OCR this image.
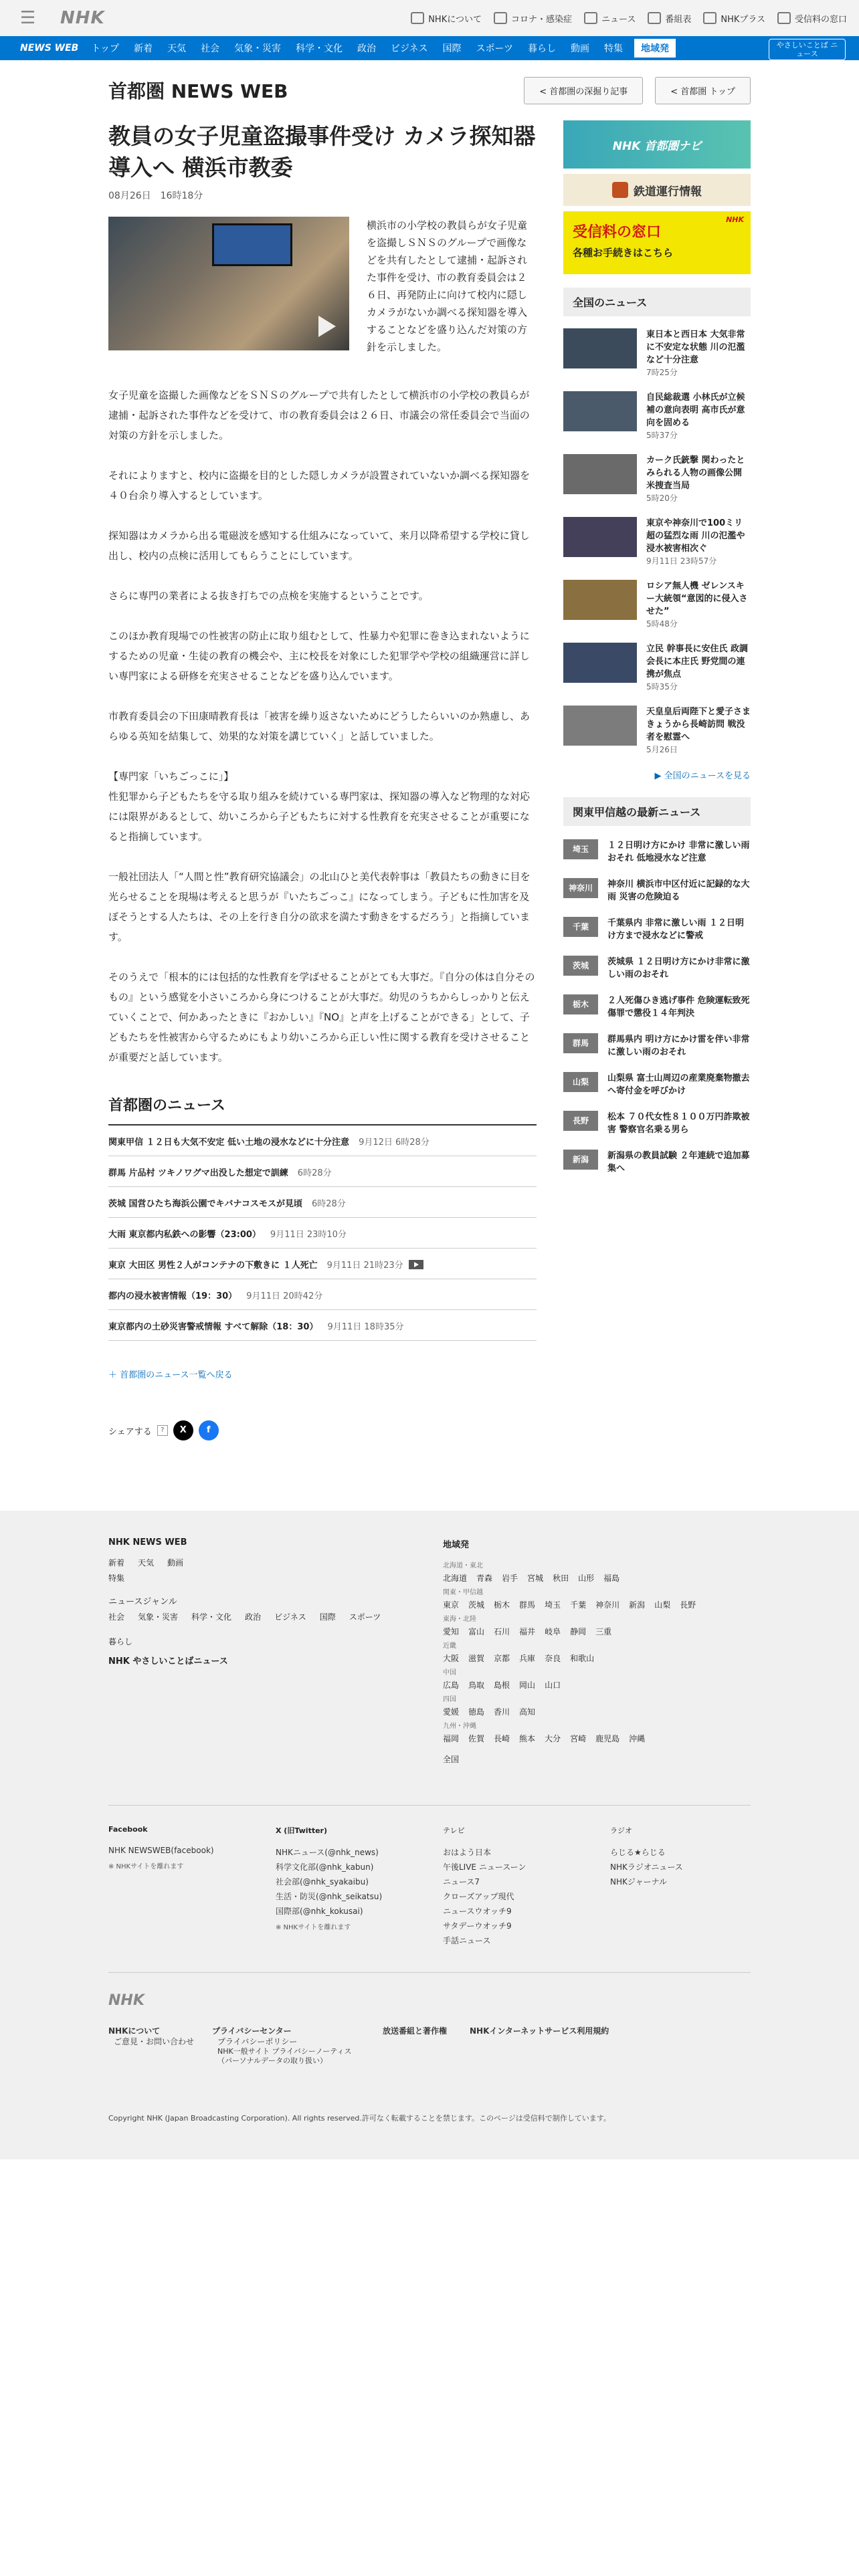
☰	NHK	NHKについて	コロナ・感染症	ニュース	番組表	NHKプラス	受信料の窓口
NEWS WEB	トップ	新着	天気	社会	気象・災害	科学・文化	政治	ビジネス	国際	スポーツ	暮らし	動画	特集	地域発	やさしいことば ニュース
首都圏 NEWS WEB	< 首都圏の深掘り記事	< 首都圏 トップ
教員の女子児童盗撮事件受け カメラ探知器導入へ 横浜市教委
08月26日　16時18分

横浜市の小学校の教員らが女子児童を盗撮しＳＮＳのグループで画像などを共有したとして逮捕・起訴された事件を受け、市の教育委員会は２６日、再発防止に向けて校内に隠しカメラがないか調べる探知器を導入することなどを盛り込んだ対策の方針を示しました。

女子児童を盗撮した画像などをＳＮＳのグループで共有したとして横浜市の小学校の教員らが逮捕・起訴された事件などを受けて、市の教育委員会は２６日、市議会の常任委員会で当面の対策の方針を示しました。

それによりますと、校内に盗撮を目的とした隠しカメラが設置されていないか調べる探知器を４０台余り導入するとしています。

探知器はカメラから出る電磁波を感知する仕組みになっていて、来月以降希望する学校に貸し出し、校内の点検に活用してもらうことにしています。

さらに専門の業者による抜き打ちでの点検を実施するということです。

このほか教育現場での性被害の防止に取り組むとして、性暴力や犯罪に巻き込まれないようにするための児童・生徒の教育の機会や、主に校長を対象にした犯罪学や学校の組織運営に詳しい専門家による研修を充実させることなどを盛り込んでいます。

市教育委員会の下田康晴教育長は「被害を繰り返さないためにどうしたらいいのか熟慮し、あらゆる英知を結集して、効果的な対策を講じていく」と話していました。

【専門家「いちごっこに」】
性犯罪から子どもたちを守る取り組みを続けている専門家は、探知器の導入など物理的な対応には限界があるとして、幼いころから子どもたちに対する性教育を充実させることが重要になると指摘しています。

一般社団法人「“人間と性”教育研究協議会」の北山ひと美代表幹事は「教員たちの動きに目を光らせることを現場は考えると思うが『いたちごっこ』になってしまう。子どもに性加害を及ぼそうとする人たちは、その上を行き自分の欲求を満たす動きをするだろう」と指摘しています。

そのうえで「根本的には包括的な性教育を学ばせることがとても大事だ。『自分の体は自分そのもの』という感覚を小さいころから身につけることが大事だ。幼児のうちからしっかりと伝えていくことで、何かあったときに『おかしい』『NO』と声を上げることができる」として、子どもたちを性被害から守るためにもより幼いころから正しい性に関する教育を受けさせることが重要だと話しています。

首都圏のニュース
関東甲信 １２日も大気不安定 低い土地の浸水などに十分注意 9月12日 6時28分
群馬 片品村 ツキノワグマ出没した想定で訓練 6時28分
茨城 国営ひたち海浜公園でキバナコスモスが見頃 6時28分
大雨 東京都内私鉄への影響（23:00） 9月11日 23時10分
東京 大田区 男性２人がコンテナの下敷きに １人死亡 9月11日 21時23分
都内の浸水被害情報（19：30） 9月11日 20時42分
東京都内の土砂災害警戒情報 すべて解除（18：30） 9月11日 18時35分
＋ 首都圏のニュース一覧へ戻る
シェアする	?	X	f
NHK 首都圏ナビ
鉄道運行情報
受信料の窓口
各種お手続きはこちら
NHK
全国のニュース
東日本と西日本 大気非常に不安定な状態 川の氾濫など十分注意
7時25分
自民総裁選 小林氏が立候補の意向表明 高市氏が意向を固める
5時37分
カーク氏銃撃 関わったとみられる人物の画像公開 米捜査当局
5時20分
東京や神奈川で100ミリ超の猛烈な雨 川の氾濫や浸水被害相次ぐ
9月11日 23時57分
ロシア無人機 ゼレンスキー大統領“意図的に侵入させた”
5時48分
立民 幹事長に安住氏 政調会長に本庄氏 野党間の連携が焦点
5時35分
天皇皇后両陛下と愛子さま きょうから長崎訪問 戦没者を慰霊へ
5月26日
▶ 全国のニュースを見る
関東甲信越の最新ニュース
埼玉	１２日明け方にかけ 非常に激しい雨おそれ 低地浸水など注意
神奈川	神奈川 横浜市中区付近に記録的な大雨 災害の危険迫る
千葉	千葉県内 非常に激しい雨 １２日明け方まで浸水などに警戒
茨城	茨城県 １２日明け方にかけ非常に激しい雨のおそれ
栃木	２人死傷ひき逃げ事件 危険運転致死傷罪で懲役１４年判決
群馬	群馬県内 明け方にかけ雷を伴い非常に激しい雨のおそれ
山梨	山梨県 富士山周辺の産業廃棄物撤去へ寄付金を呼びかけ
長野	松本 ７０代女性８１００万円詐欺被害 警察官名乗る男ら
新潟	新潟県の教員試験 ２年連続で追加募集へ
NHK NEWS WEB
新着 天気 動画
特集
ニュースジャンル
社会 気象・災害 科学・文化 政治 ビジネス 国際 スポーツ
暮らし
NHK やさしいことばニュース
地域発
北海道・東北
北海道 青森 岩手 宮城 秋田 山形 福島
関東・甲信越
東京 茨城 栃木 群馬 埼玉 千葉 神奈川 新潟 山梨 長野
東海・北陸
愛知 富山 石川 福井 岐阜 静岡 三重
近畿
大阪 滋賀 京都 兵庫 奈良 和歌山
中国
広島 鳥取 島根 岡山 山口
四国
愛媛 徳島 香川 高知
九州・沖縄
福岡 佐賀 長崎 熊本 大分 宮崎 鹿児島 沖縄
全国
Facebook
NHK NEWSWEB(facebook)
※ NHKサイトを離れます
X (旧Twitter)
NHKニュース(@nhk_news)
科学文化部(@nhk_kabun)
社会部(@nhk_syakaibu)
生活・防災(@nhk_seikatsu)
国際部(@nhk_kokusai)
※ NHKサイトを離れます
テレビ
おはよう日本
午後LIVE ニュースーン
ニュース7
クローズアップ現代
ニュースウオッチ9
サタデーウオッチ9
手話ニュース
ラジオ
らじる★らじる
NHKラジオニュース
NHKジャーナル
NHK
NHKについて
ご意見・お問い合わせ
プライバシーセンター
プライバシーポリシー
NHK一般サイト プライバシーノーティス（パーソナルデータの取り扱い）
放送番組と著作権	NHKインターネットサービス利用規約
Copyright NHK (Japan Broadcasting Corporation). All rights reserved.許可なく転載することを禁じます。このページは受信料で制作しています。
